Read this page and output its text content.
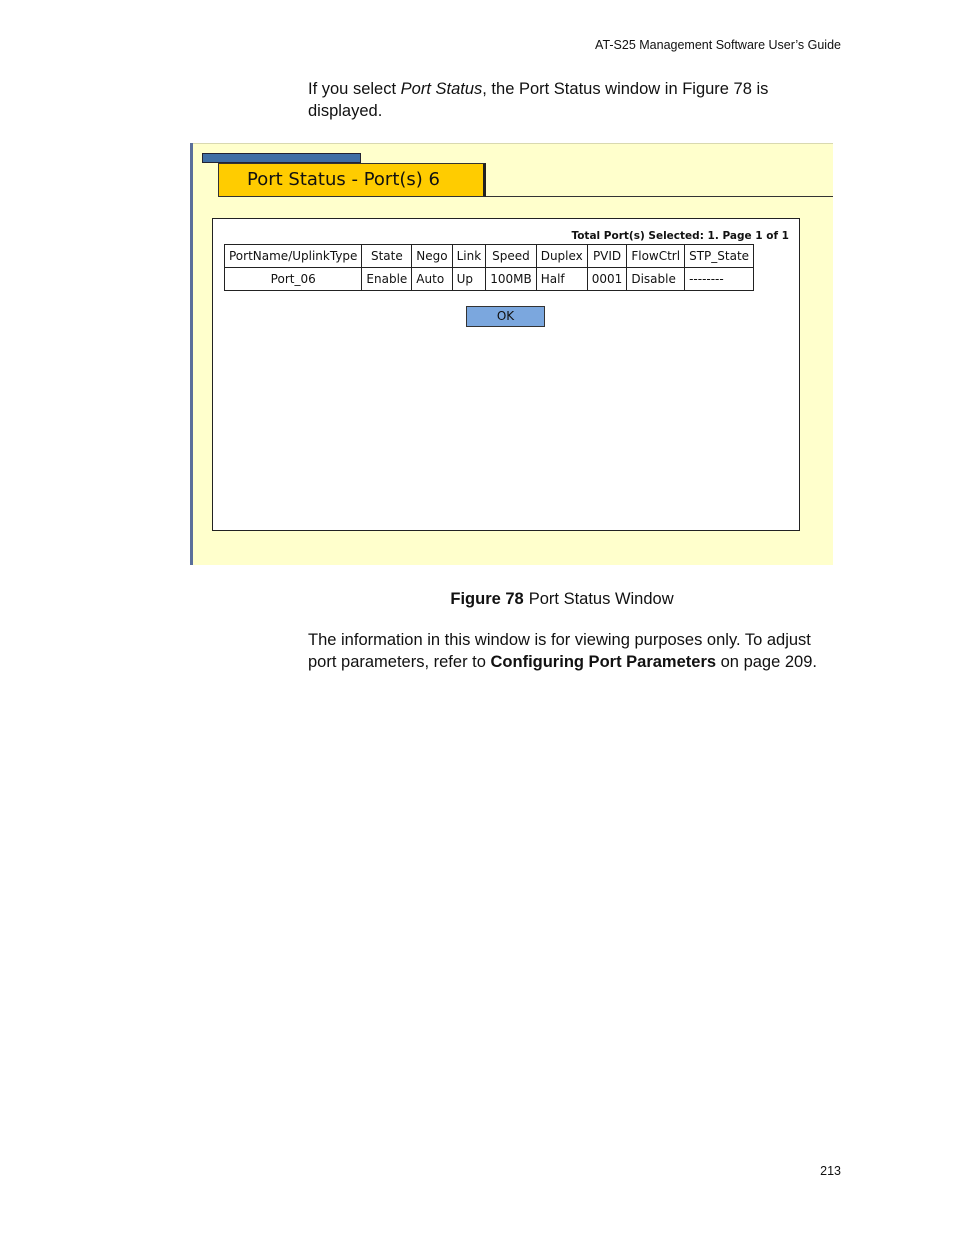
AT-S25 Management Software User’s Guide
If you select Port Status, the Port Status window in Figure 78 is displayed.
Port Status - Port(s) 6
Total Port(s) Selected: 1. Page 1 of 1
PortName/UplinkType	State	Nego	Link	Speed	Duplex	PVID	FlowCtrl	STP_State
Port_06	Enable	Auto	Up	100MB	Half	0001	Disable	--------
OK
Figure 78 Port Status Window
The information in this window is for viewing purposes only. To adjust port parameters, refer to Configuring Port Parameters on page 209.
213
